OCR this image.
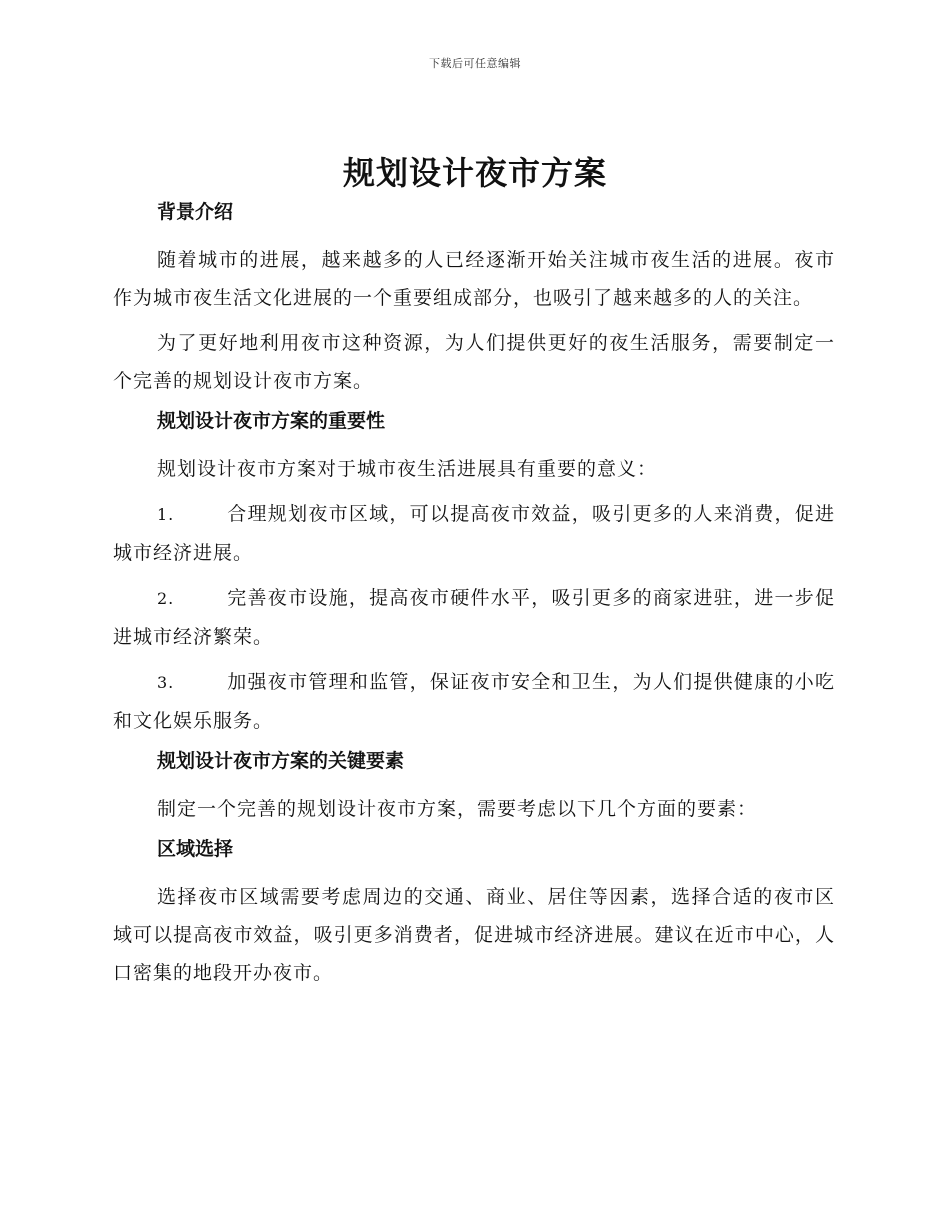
下载后可任意编辑
规划设计夜市方案
背景介绍

随着城市的进展，越来越多的人已经逐渐开始关注城市夜生活的进展。夜市作为城市夜生活文化进展的一个重要组成部分，也吸引了越来越多的人的关注。

为了更好地利用夜市这种资源，为人们提供更好的夜生活服务，需要制定一个完善的规划设计夜市方案。

规划设计夜市方案的重要性

规划设计夜市方案对于城市夜生活进展具有重要的意义：

1.	合理规划夜市区域，可以提高夜市效益，吸引更多的人来消费，促进城市经济进展。

2.	完善夜市设施，提高夜市硬件水平，吸引更多的商家进驻，进一步促进城市经济繁荣。

3.	加强夜市管理和监管，保证夜市安全和卫生，为人们提供健康的小吃和文化娱乐服务。

规划设计夜市方案的关键要素

制定一个完善的规划设计夜市方案，需要考虑以下几个方面的要素：

区域选择

选择夜市区域需要考虑周边的交通、商业、居住等因素，选择合适的夜市区域可以提高夜市效益，吸引更多消费者，促进城市经济进展。建议在近市中心，人口密集的地段开办夜市。
